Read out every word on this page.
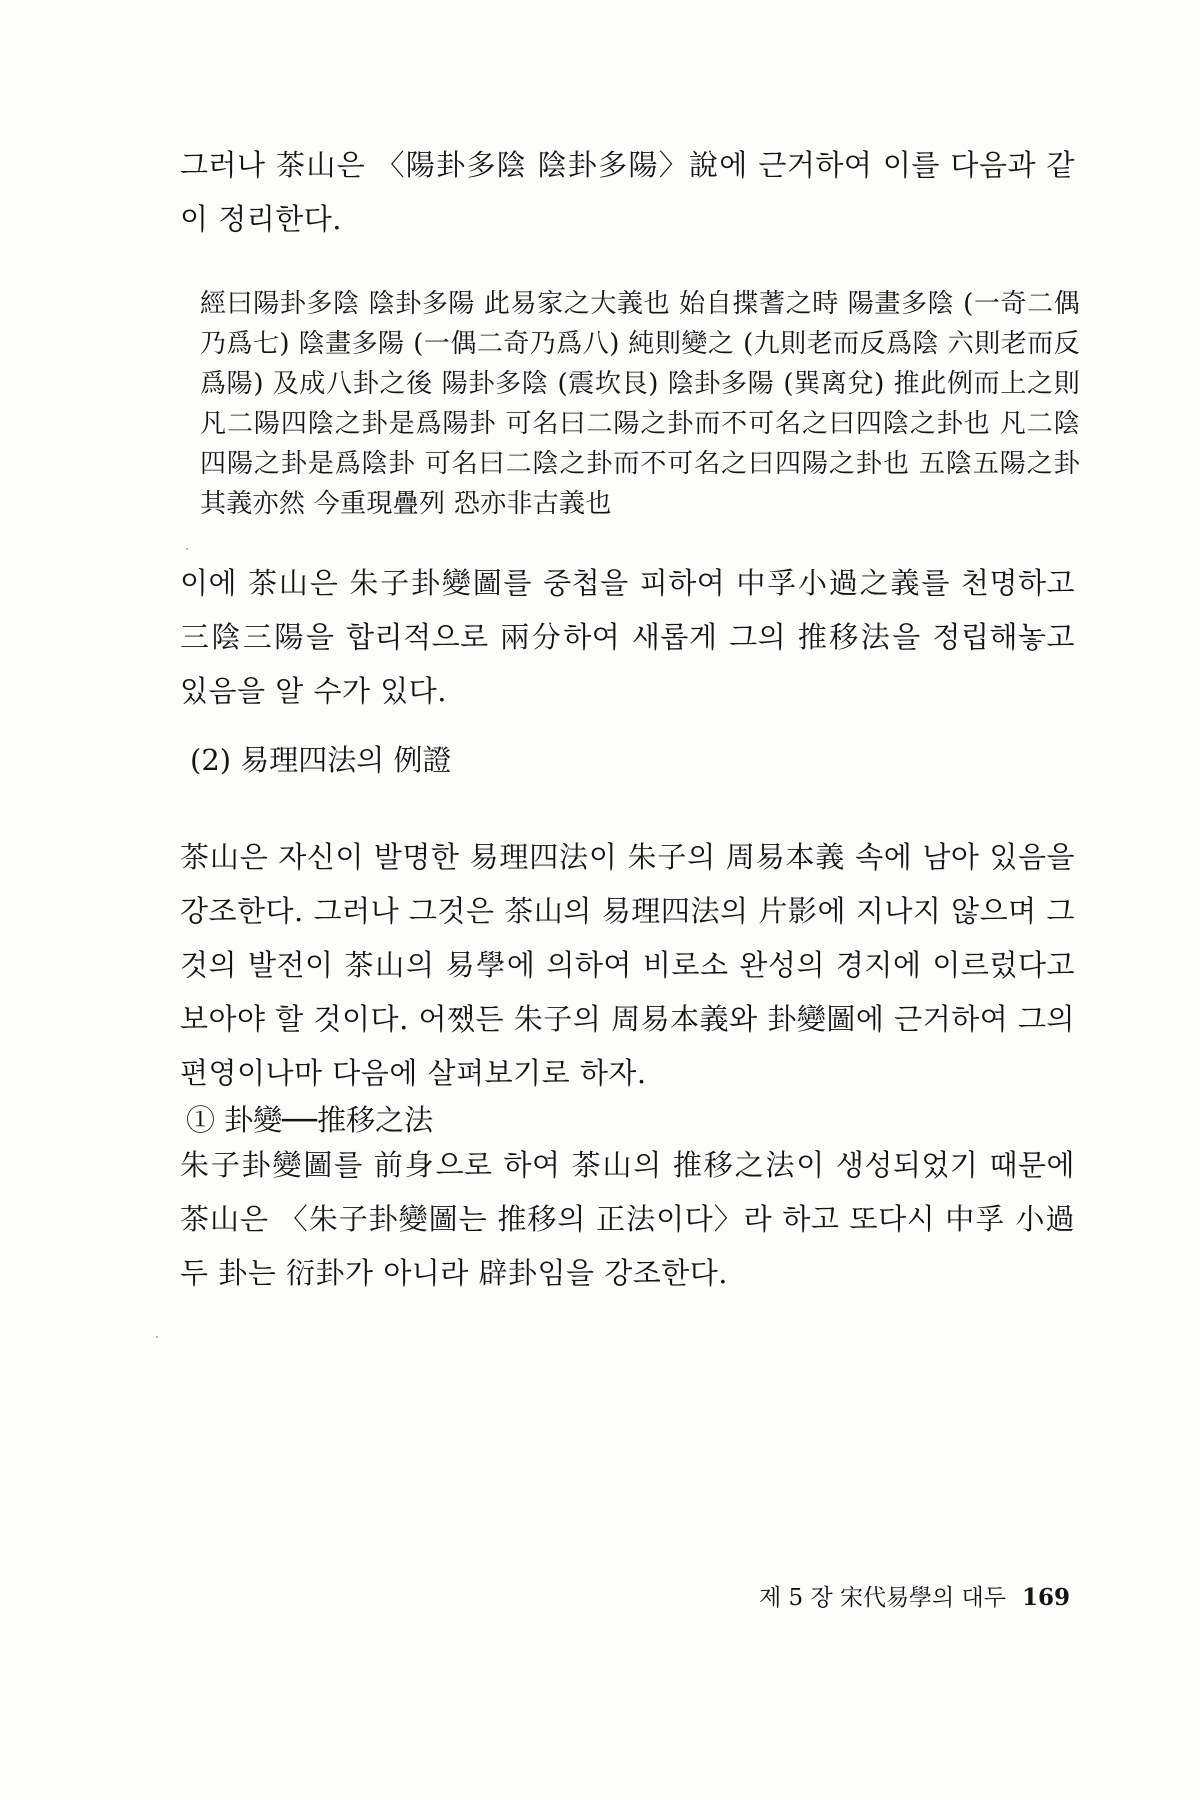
그러나 茶山은 〈陽卦多陰 陰卦多陽〉說에 근거하여 이를 다음과 같이 정리한다.

經曰陽卦多陰 陰卦多陽 此易家之大義也 始自揲蓍之時 陽畫多陰 (一奇二偶乃爲七) 陰畫多陽 (一偶二奇乃爲八) 純則變之 (九則老而反爲陰 六則老而反爲陽) 及成八卦之後 陽卦多陰 (震坎艮) 陰卦多陽 (巽离兌) 推此例而上之則 凡二陽四陰之卦是爲陽卦 可名曰二陽之卦而不可名之曰四陰之卦也 凡二陰四陽之卦是爲陰卦 可名曰二陰之卦而不可名之曰四陽之卦也 五陰五陽之卦 其義亦然 今重現疊列 恐亦非古義也

이에 茶山은 朱子卦變圖를 중첩을 피하여 中孚小過之義를 천명하고 三陰三陽을 합리적으로 兩分하여 새롭게 그의 推移法을 정립해놓고 있음을 알 수가 있다.

(2) 易理四法의 例證

茶山은 자신이 발명한 易理四法이 朱子의 周易本義 속에 남아 있음을 강조한다. 그러나 그것은 茶山의 易理四法의 片影에 지나지 않으며 그것의 발전이 茶山의 易學에 의하여 비로소 완성의 경지에 이르렀다고 보아야 할 것이다. 어쨌든 朱子의 周易本義와 卦變圖에 근거하여 그의 편영이나마 다음에 살펴보기로 하자.

① 卦變──推移之法

朱子卦變圖를 前身으로 하여 茶山의 推移之法이 생성되었기 때문에 茶山은 〈朱子卦變圖는 推移의 正法이다〉라 하고 또다시 中孚 小過 두 卦는 衍卦가 아니라 辟卦임을 강조한다.

제 5 장 宋代易學의 대두 169
